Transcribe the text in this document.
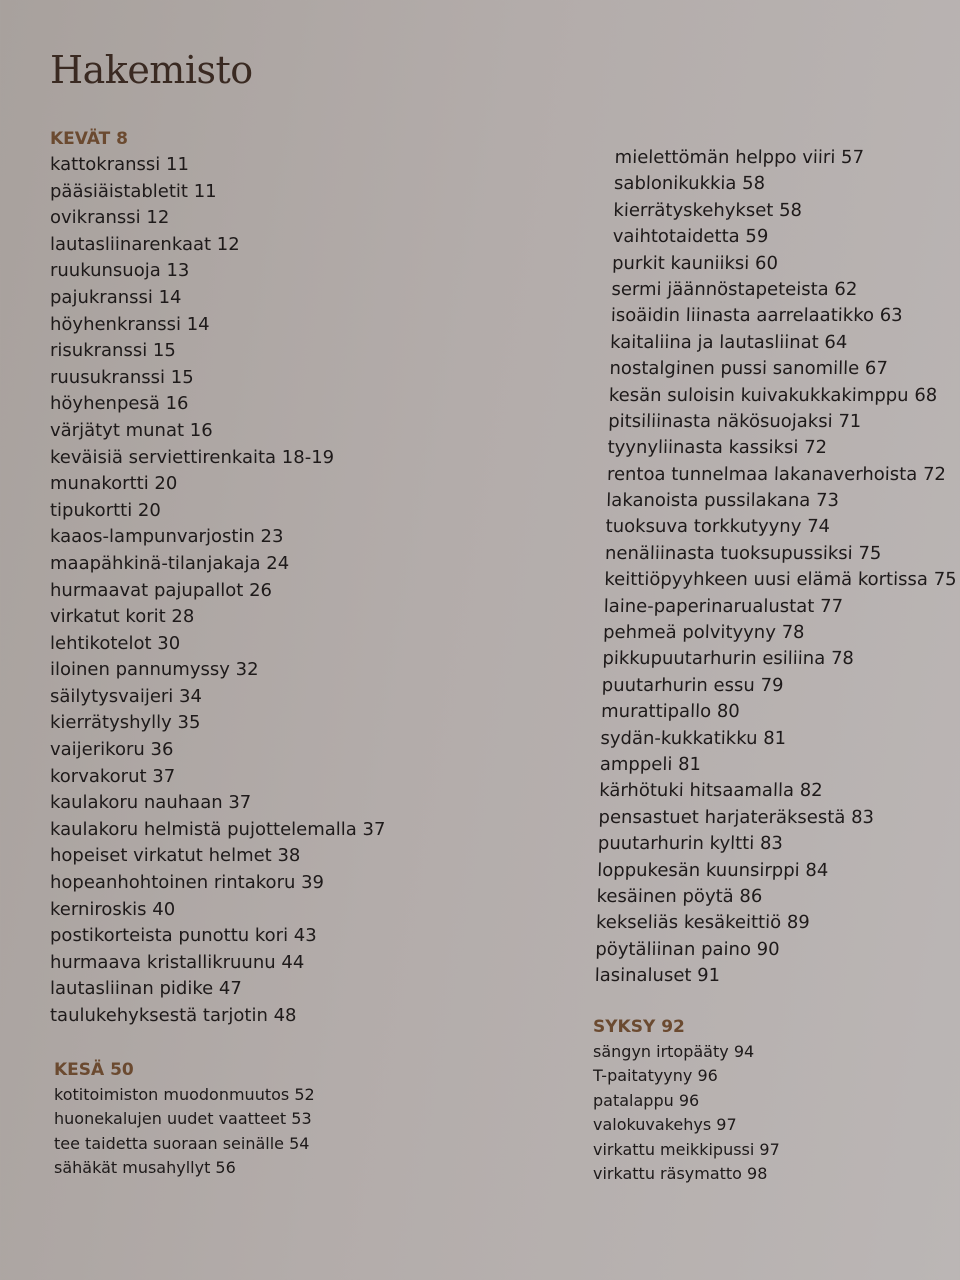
Hakemisto
KEVÄT 8
kattokranssi 11
pääsiäistabletit 11
ovikranssi 12
lautasliinarenkaat 12
ruukunsuoja 13
pajukranssi 14
höyhenkranssi 14
risukranssi 15
ruusukranssi 15
höyhenpesä 16
värjätyt munat 16
keväisiä serviettirenkaita 18-19
munakortti 20
tipukortti 20
kaaos-lampunvarjostin 23
maapähkinä-tilanjakaja 24
hurmaavat pajupallot 26
virkatut korit 28
lehtikotelot 30
iloinen pannumyssy 32
säilytysvaijeri 34
kierrätyshylly 35
vaijerikoru 36
korvakorut 37
kaulakoru nauhaan 37
kaulakoru helmistä pujottelemalla 37
hopeiset virkatut helmet 38
hopeanhohtoinen rintakoru 39
kerniroskis 40
postikorteista punottu kori 43
hurmaava kristallikruunu 44
lautasliinan pidike 47
taulukehyksestä tarjotin 48
KESÄ 50
kotitoimiston muodonmuutos 52
huonekalujen uudet vaatteet 53
tee taidetta suoraan seinälle 54
sähäkät musahyllyt 56
mielettömän helppo viiri 57
sablonikukkia 58
kierrätyskehykset 58
vaihtotaidetta 59
purkit kauniiksi 60
sermi jäännöstapeteista 62
isoäidin liinasta aarrelaatikko 63
kaitaliina ja lautasliinat 64
nostalginen pussi sanomille 67
kesän suloisin kuivakukkakimppu 68
pitsiliinasta näkösuojaksi 71
tyynyliinasta kassiksi 72
rentoa tunnelmaa lakanaverhoista 72
lakanoista pussilakana 73
tuoksuva torkkutyyny 74
nenäliinasta tuoksupussiksi 75
keittiöpyyhkeen uusi elämä kortissa 75
laine-paperinarualustat 77
pehmeä polvityyny 78
pikkupuutarhurin esiliina 78
puutarhurin essu 79
murattipallo 80
sydän-kukkatikku 81
amppeli 81
kärhötuki hitsaamalla 82
pensastuet harjateräksestä 83
puutarhurin kyltti 83
loppukesän kuunsirppi 84
kesäinen pöytä 86
kekseliäs kesäkeittiö 89
pöytäliinan paino 90
lasinaluset 91
SYKSY 92
sängyn irtopääty 94
T-paitatyyny 96
patalappu 96
valokuvakehys 97
virkattu meikkipussi 97
virkattu räsymatto 98
